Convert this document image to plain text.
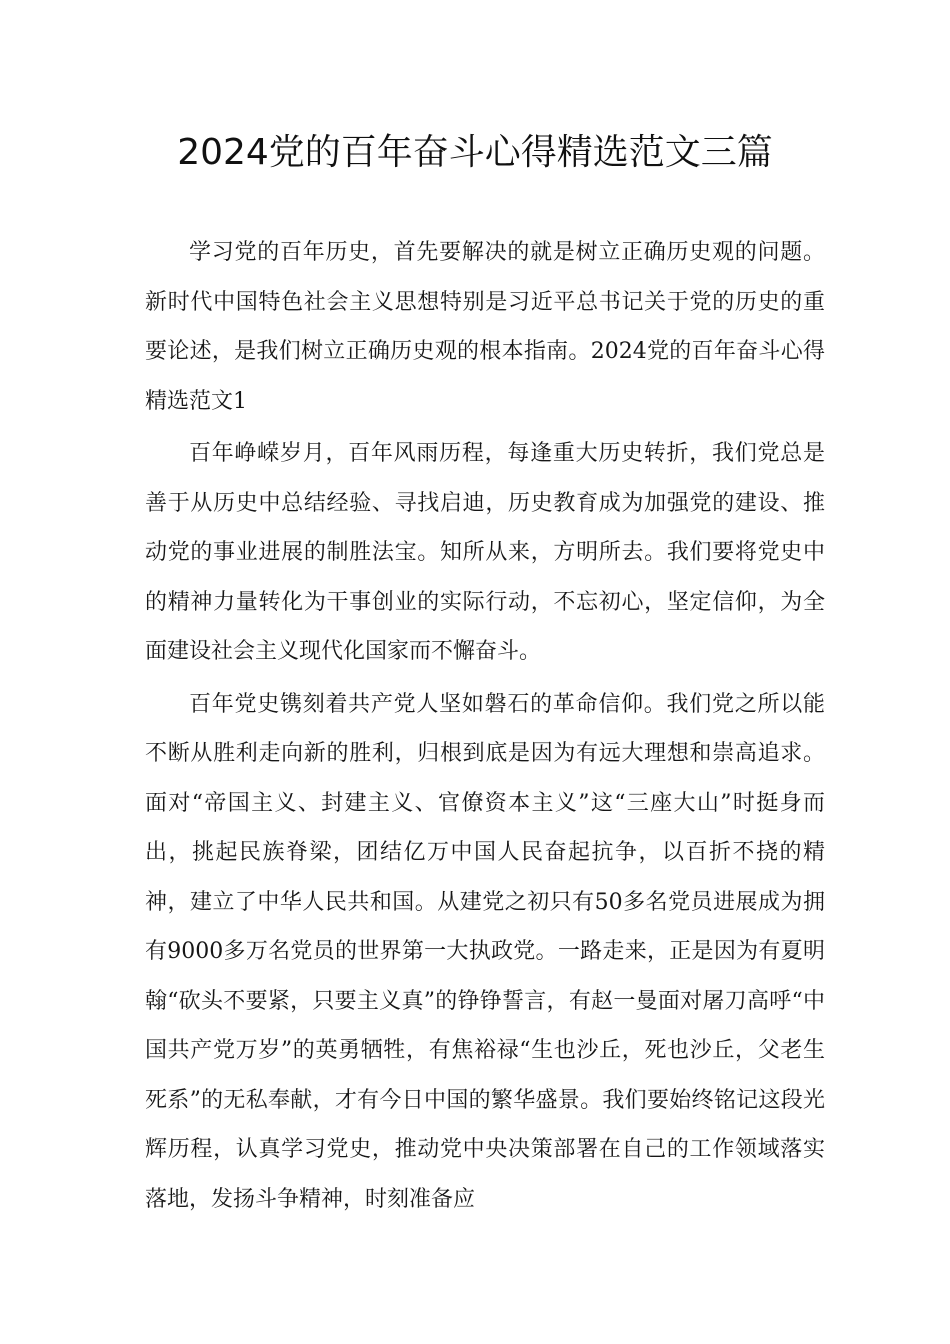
2024党的百年奋斗心得精选范文三篇

学习党的百年历史，首先要解决的就是树立正确历史观的问题。新时代中国特色社会主义思想特别是习近平总书记关于党的历史的重要论述，是我们树立正确历史观的根本指南。2024党的百年奋斗心得精选范文1

百年峥嵘岁月，百年风雨历程，每逢重大历史转折，我们党总是善于从历史中总结经验、寻找启迪，历史教育成为加强党的建设、推动党的事业进展的制胜法宝。知所从来，方明所去。我们要将党史中的精神力量转化为干事创业的实际行动，不忘初心，坚定信仰，为全面建设社会主义现代化国家而不懈奋斗。

百年党史镌刻着共产党人坚如磐石的革命信仰。我们党之所以能不断从胜利走向新的胜利，归根到底是因为有远大理想和崇高追求。面对“帝国主义、封建主义、官僚资本主义”这“三座大山”时挺身而出，挑起民族脊梁，团结亿万中国人民奋起抗争，以百折不挠的精神，建立了中华人民共和国。从建党之初只有50多名党员进展成为拥有9000多万名党员的世界第一大执政党。一路走来，正是因为有夏明翰“砍头不要紧，只要主义真”的铮铮誓言，有赵一曼面对屠刀高呼“中国共产党万岁”的英勇牺牲，有焦裕禄“生也沙丘，死也沙丘，父老生死系”的无私奉献，才有今日中国的繁华盛景。我们要始终铭记这段光辉历程，认真学习党史，推动党中央决策部署在自己的工作领域落实落地，发扬斗争精神，时刻准备应
